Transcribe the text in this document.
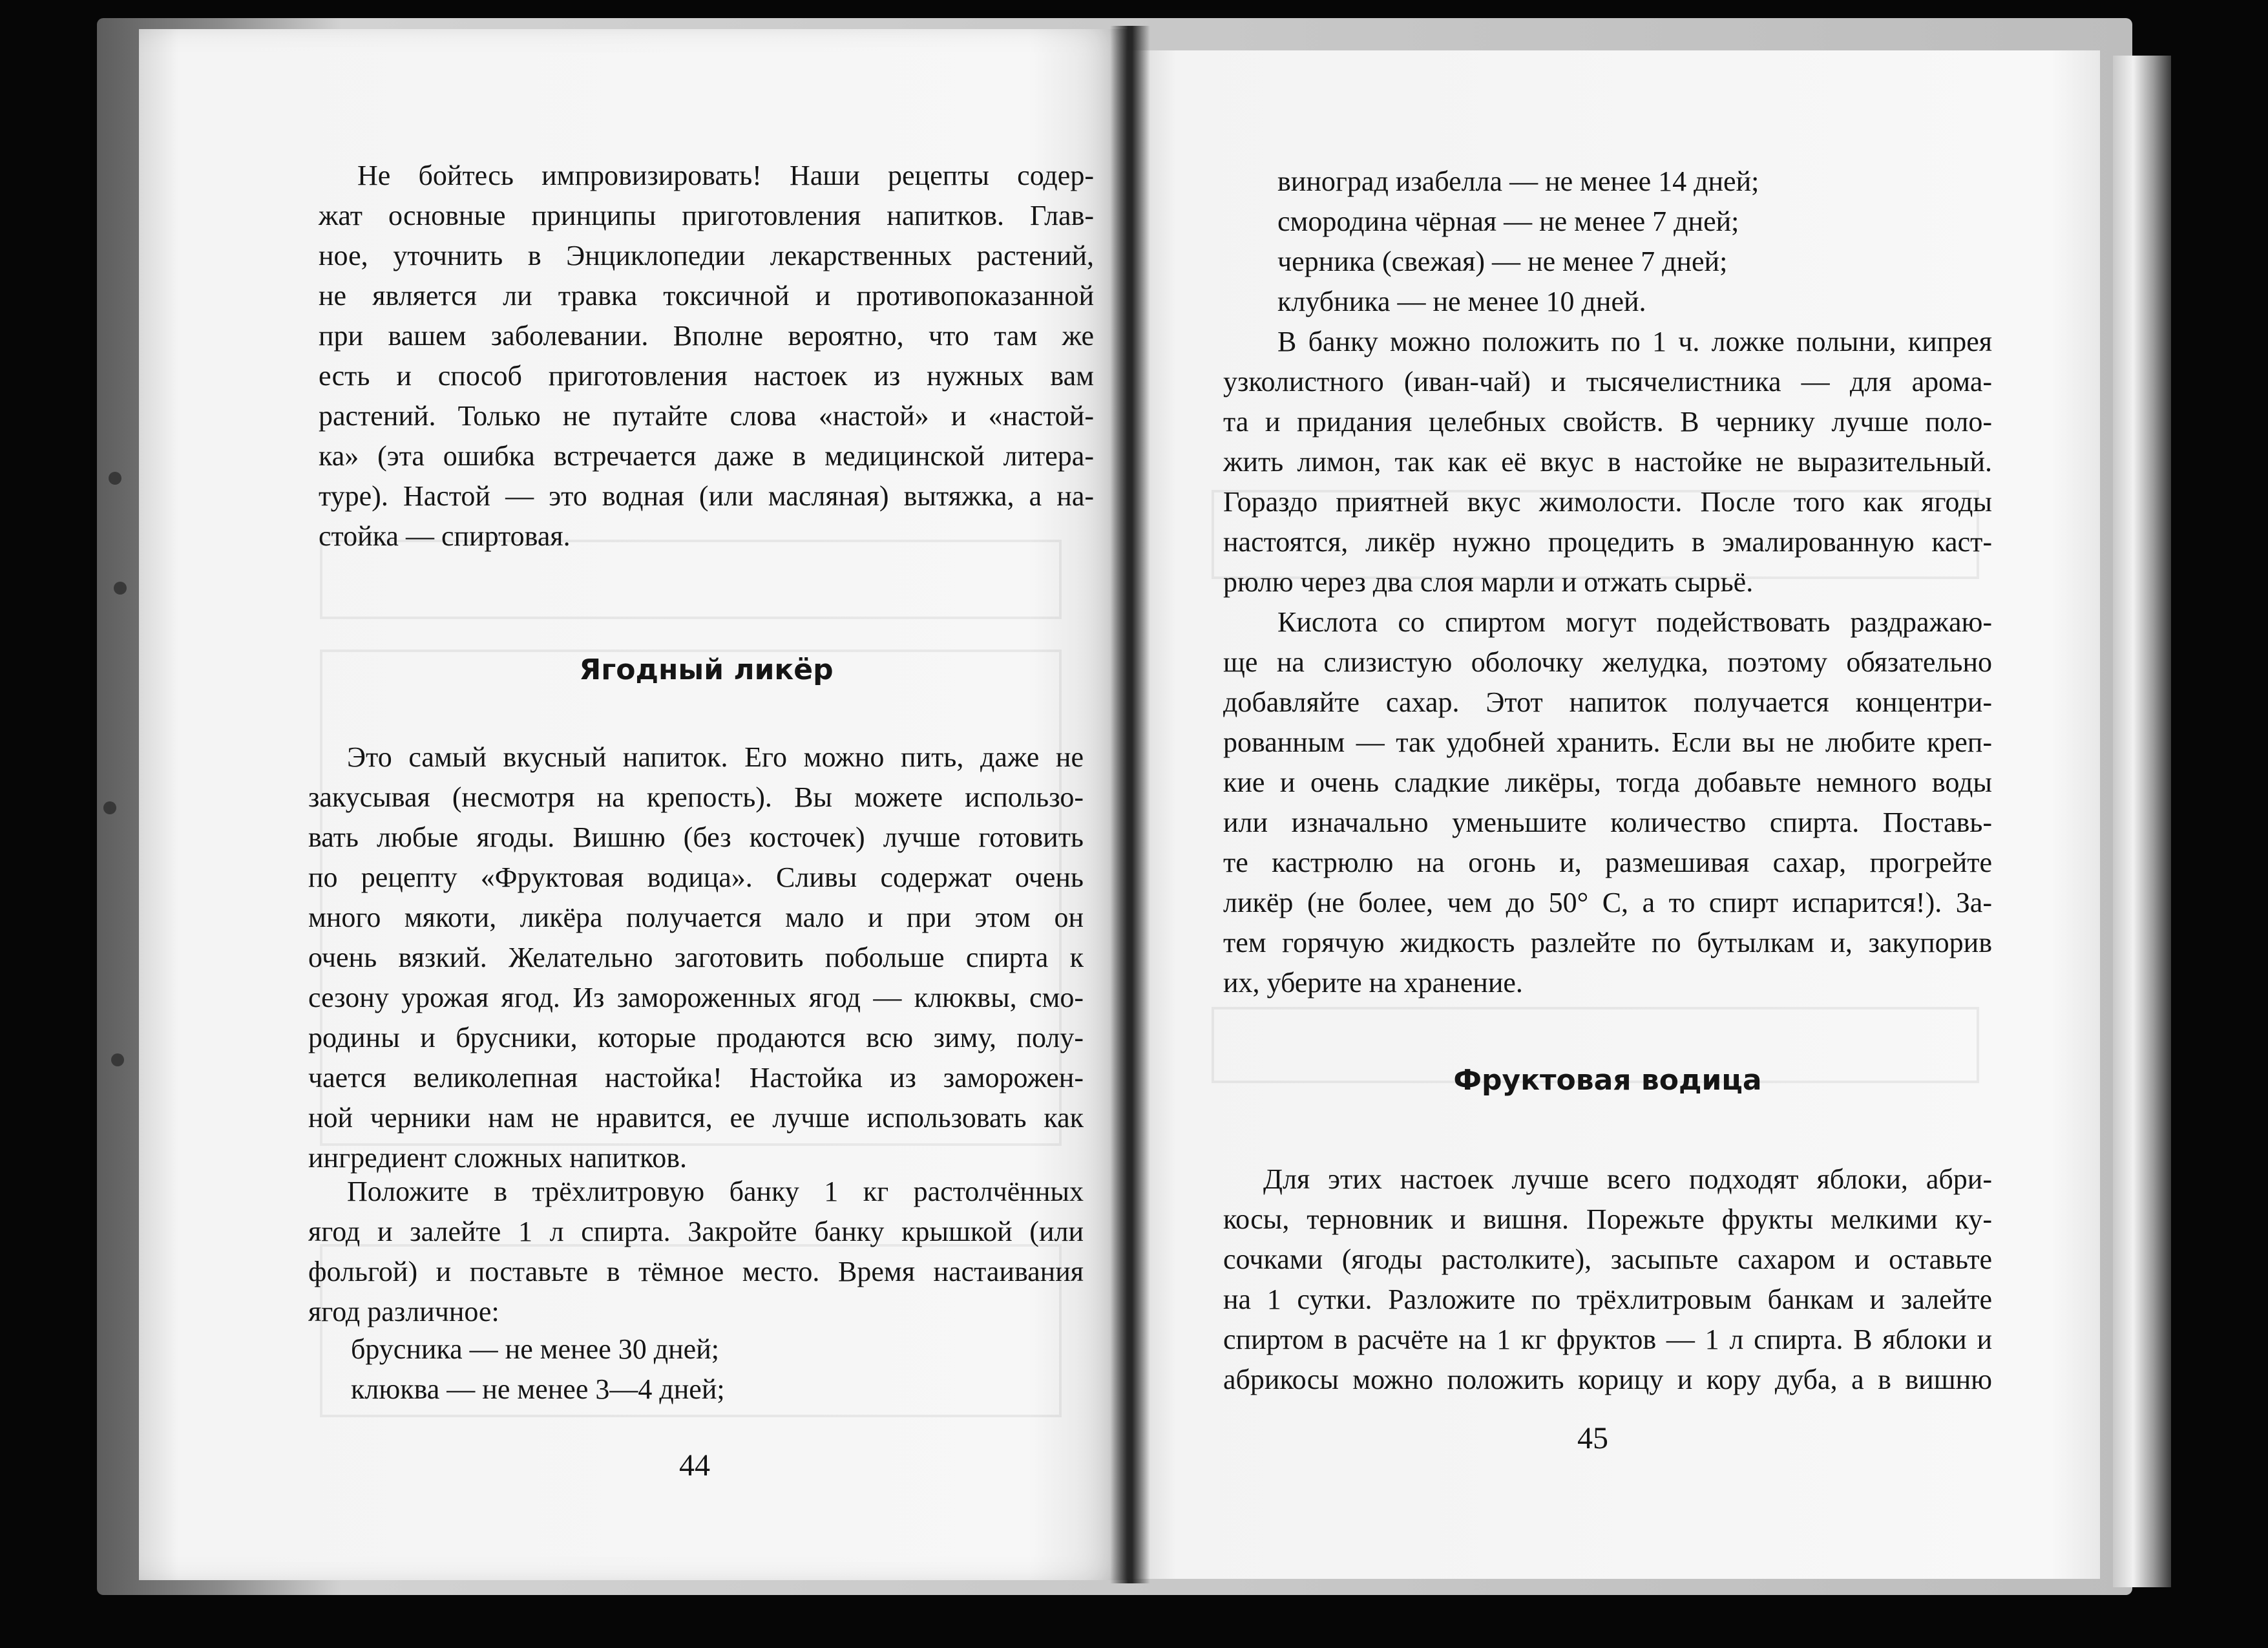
Не бойтесь импровизировать! Наши рецепты содер-
жат основные принципы приготовления напитков. Глав-
ное, уточнить в Энциклопедии лекарственных растений,
не является ли травка токсичной и противопоказанной
при вашем заболевании. Вполне вероятно, что там же
есть и способ приготовления настоек из нужных вам
растений. Только не путайте слова «настой» и «настой-
ка» (эта ошибка встречается даже в медицинской литера-
туре). Настой — это водная (или масляная) вытяжка, а на-
стойка — спиртовая.
Ягодный ликёр
Это самый вкусный напиток. Его можно пить, даже не
закусывая (несмотря на крепость). Вы можете использо-
вать любые ягоды. Вишню (без косточек) лучше готовить
по рецепту «Фруктовая водица». Сливы содержат очень
много мякоти, ликёра получается мало и при этом он
очень вязкий. Желательно заготовить побольше спирта к
сезону урожая ягод. Из замороженных ягод — клюквы, смо-
родины и брусники, которые продаются всю зиму, полу-
чается великолепная настойка! Настойка из заморожен-
ной черники нам не нравится, ее лучше использовать как
ингредиент сложных напитков.
Положите в трёхлитровую банку 1 кг растолчённых
ягод и залейте 1 л спирта. Закройте банку крышкой (или
фольгой) и поставьте в тёмное место. Время настаивания
ягод различное:
брусника — не менее 30 дней;
клюква — не менее 3—4 дней;
44
виноград изабелла — не менее 14 дней;
смородина чёрная — не менее 7 дней;
черника (свежая) — не менее 7 дней;
клубника — не менее 10 дней.
В банку можно положить по 1 ч. ложке полыни, кипрея
узколистного (иван-чай) и тысячелистника — для арома-
та и придания целебных свойств. В чернику лучше поло-
жить лимон, так как её вкус в настойке не выразительный.
Гораздо приятней вкус жимолости. После того как ягоды
настоятся, ликёр нужно процедить в эмалированную каст-
рюлю через два слоя марли и отжать сырьё.
Кислота со спиртом могут подействовать раздражаю-
ще на слизистую оболочку желудка, поэтому обязательно
добавляйте сахар. Этот напиток получается концентри-
рованным — так удобней хранить. Если вы не любите креп-
кие и очень сладкие ликёры, тогда добавьте немного воды
или изначально уменьшите количество спирта. Поставь-
те кастрюлю на огонь и, размешивая сахар, прогрейте
ликёр (не более, чем до 50° С, а то спирт испарится!). За-
тем горячую жидкость разлейте по бутылкам и, закупорив
их, уберите на хранение.
Фруктовая водица
Для этих настоек лучше всего подходят яблоки, абри-
косы, терновник и вишня. Порежьте фрукты мелкими ку-
сочками (ягоды растолките), засыпьте сахаром и оставьте
на 1 сутки. Разложите по трёхлитровым банкам и залейте
спиртом в расчёте на 1 кг фруктов — 1 л спирта. В яблоки и
абрикосы можно положить корицу и кору дуба, а в вишню
45
